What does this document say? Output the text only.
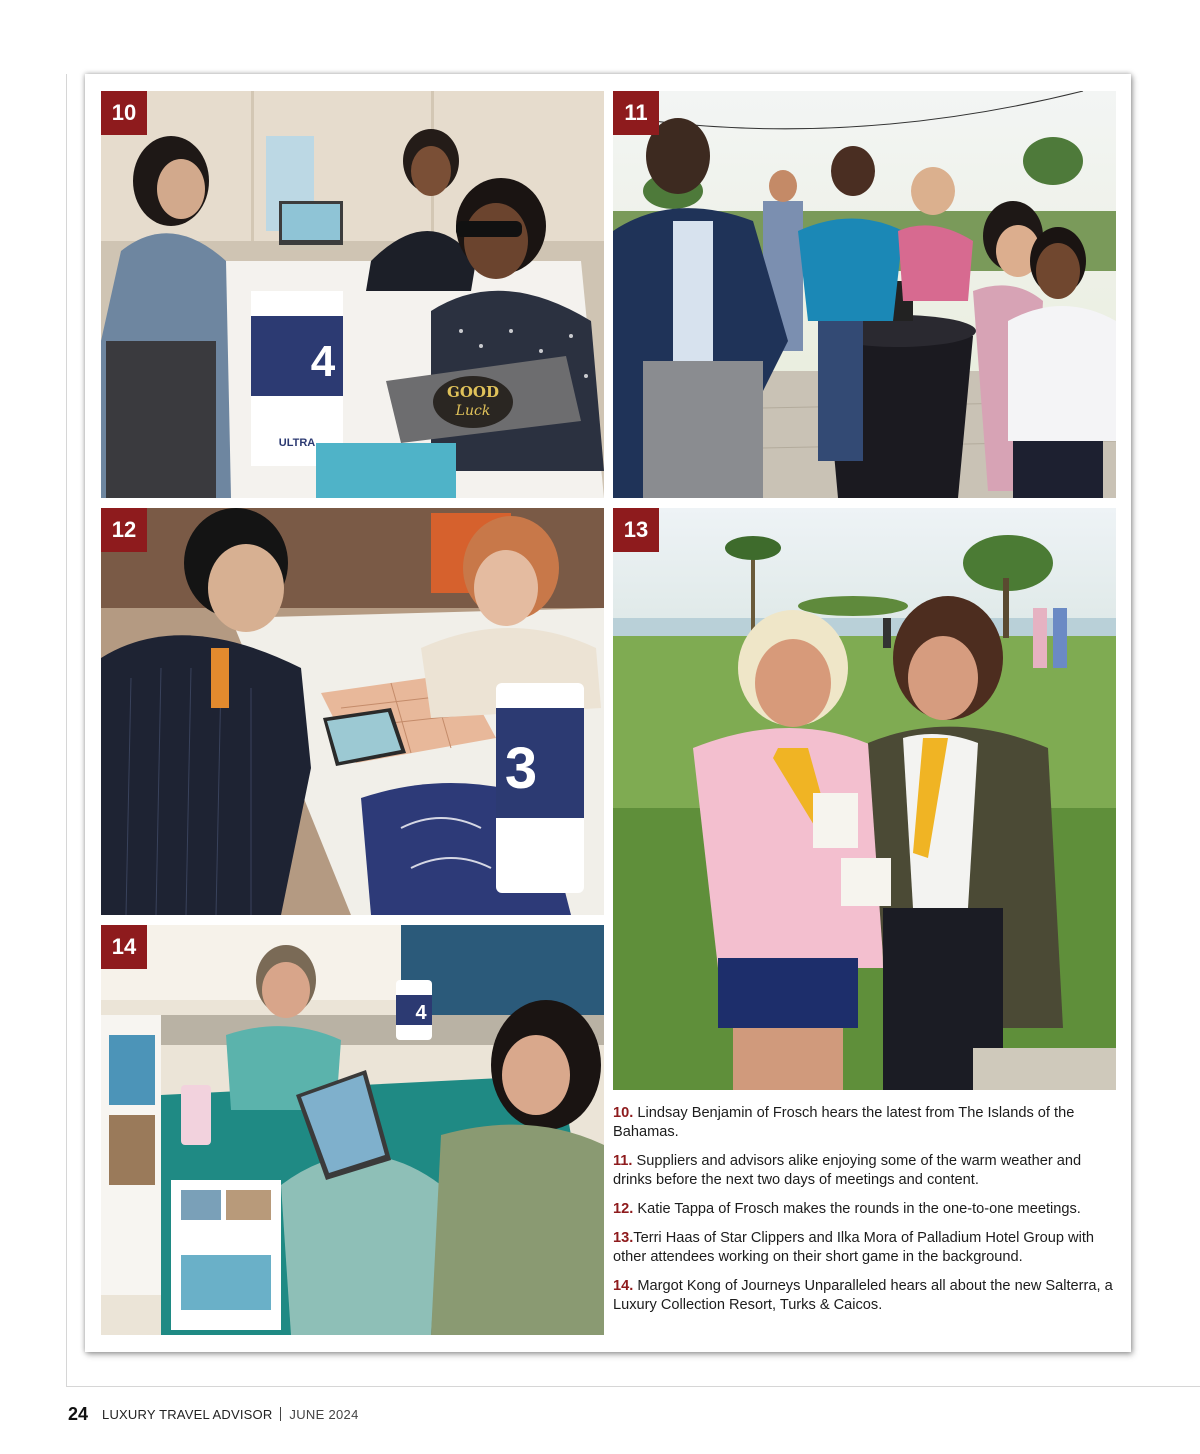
GOOD
Luck
4
ULTRA
10	11
3
12	13
4
14

10. Lindsay Benjamin of Frosch hears the latest from The Islands of the Bahamas.

11. Suppliers and advisors alike enjoying some of the warm weather and drinks before the next two days of meetings and content.

12. Katie Tappa of Frosch makes the rounds in the one-to-one meetings.

13.Terri Haas of Star Clippers and Ilka Mora of Palladium Hotel Group with other attendees working on their short game in the background.

14. Margot Kong of Journeys Unparalleled hears all about the new Salterra, a Luxury Collection Resort, Turks & Caicos.

24 LUXURY TRAVEL ADVISOR JUNE 2024
